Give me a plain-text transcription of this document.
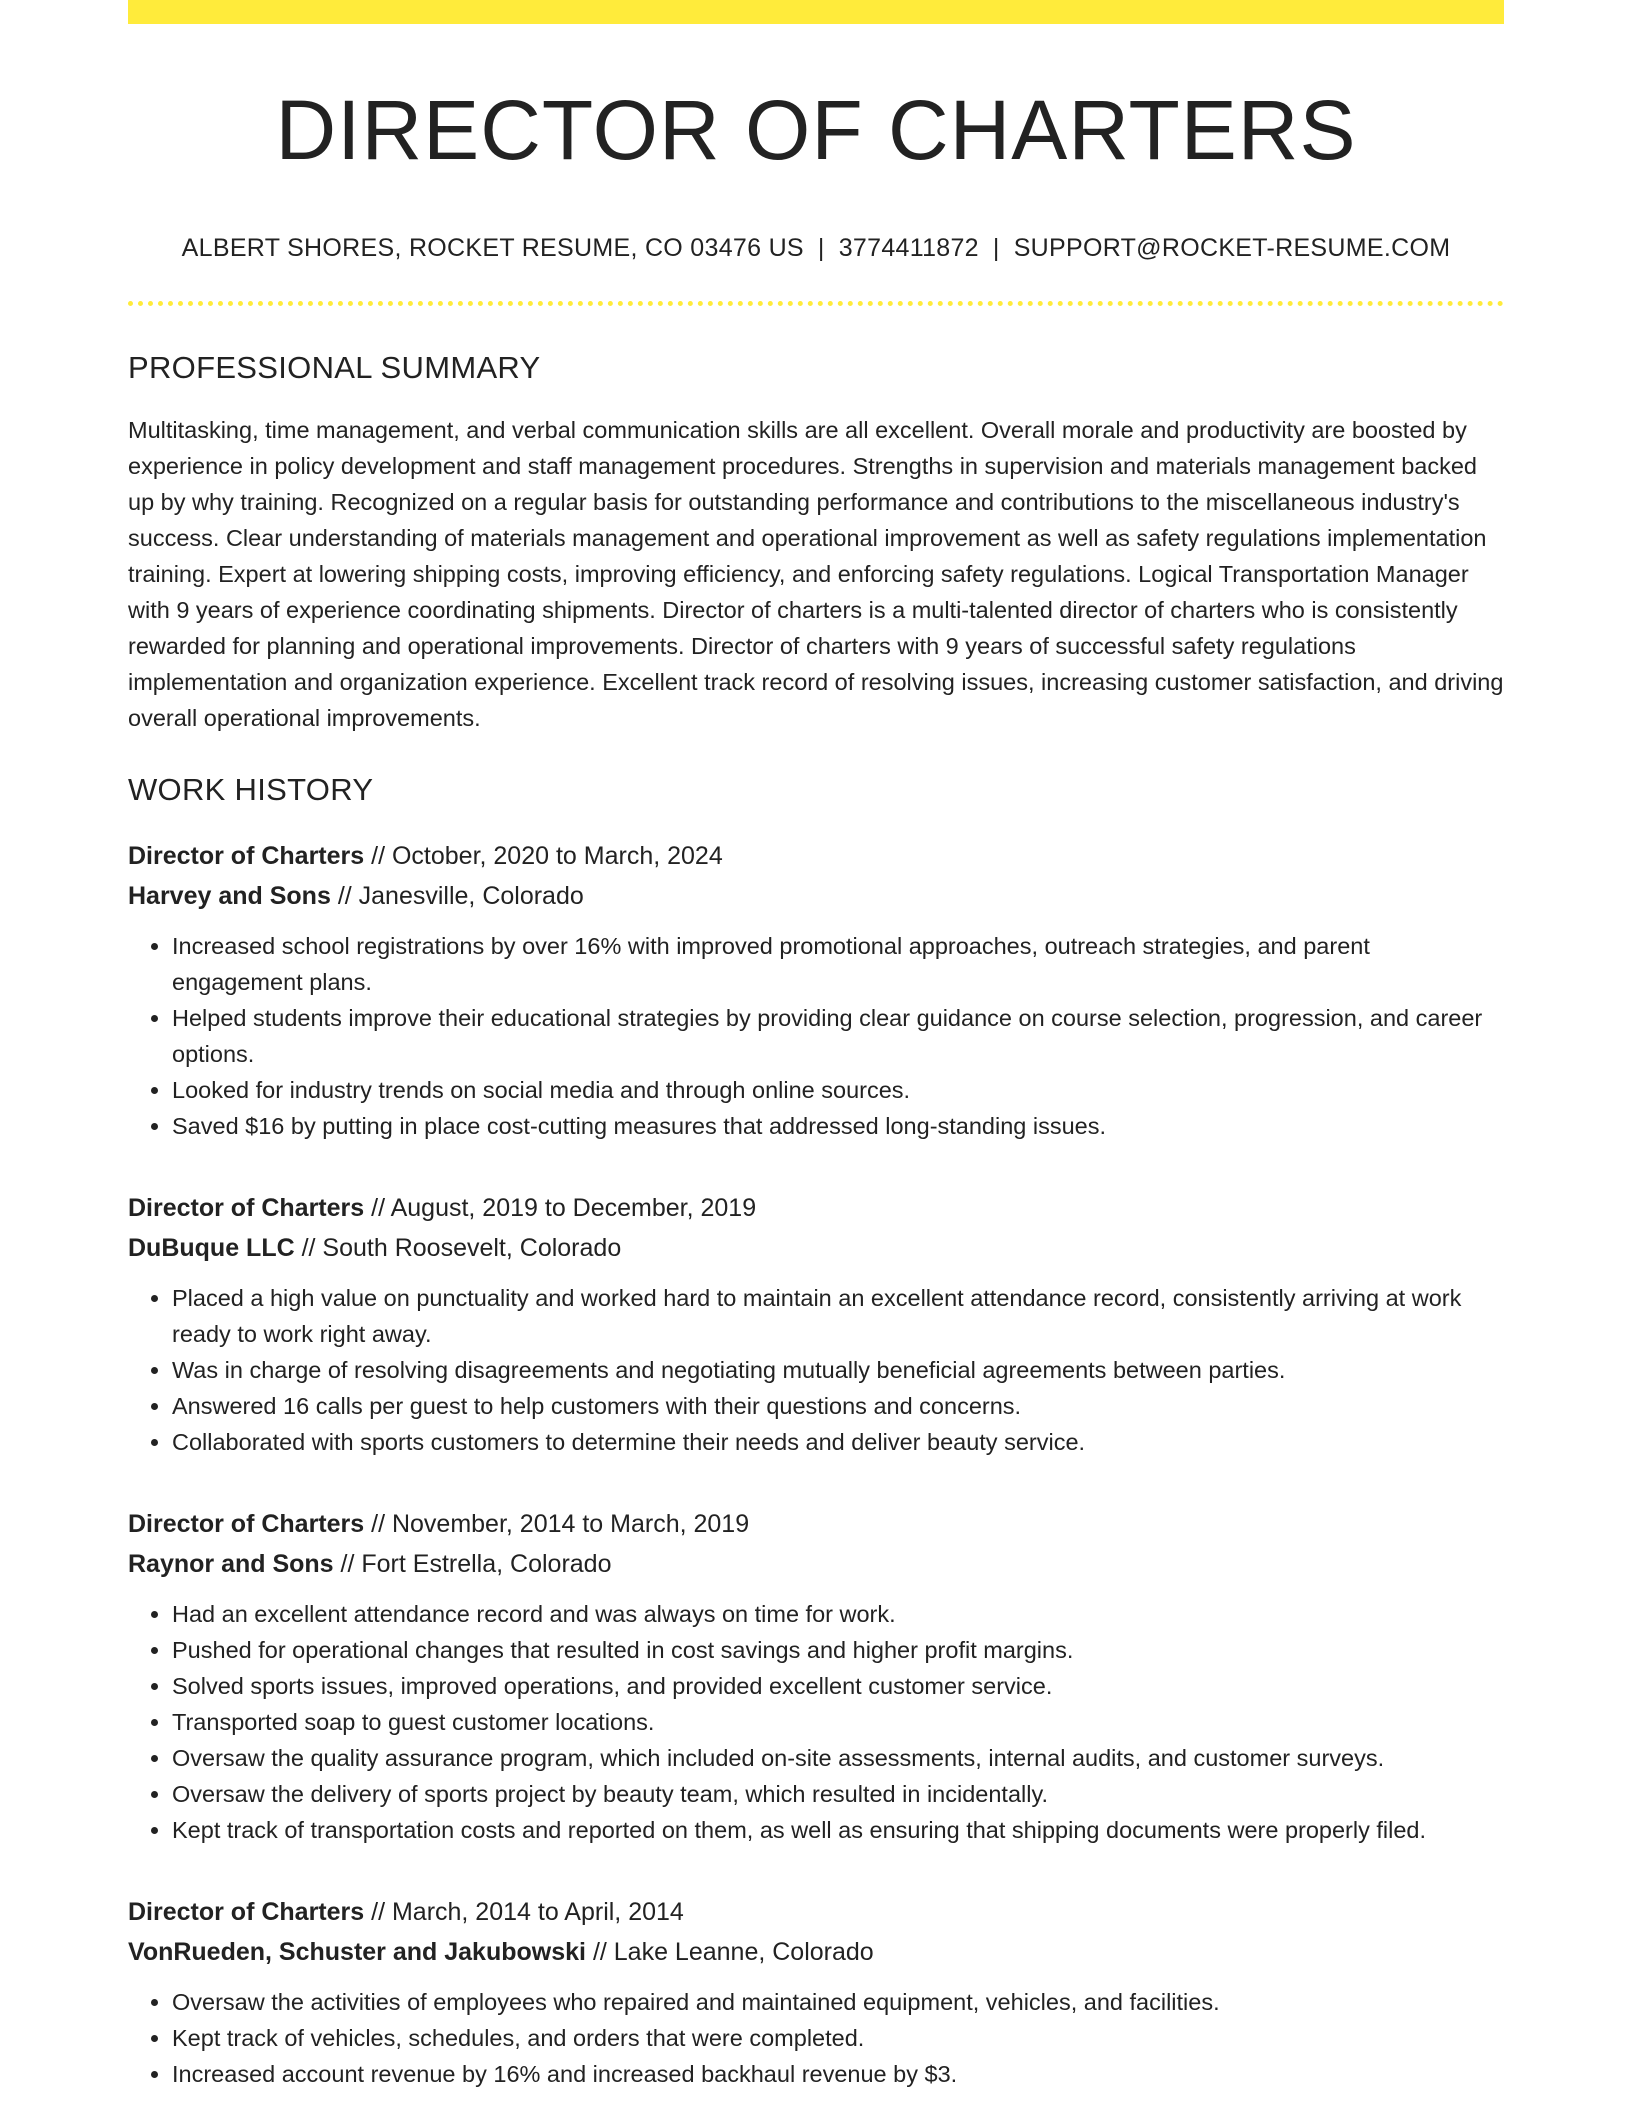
DIRECTOR OF CHARTERS
ALBERT SHORES, ROCKET RESUME, CO 03476 US | 3774411872 | SUPPORT@ROCKET-RESUME.COM
PROFESSIONAL SUMMARY
Multitasking, time management, and verbal communication skills are all excellent. Overall morale and productivity are boosted by experience in policy development and staff management procedures. Strengths in supervision and materials management backed up by why training. Recognized on a regular basis for outstanding performance and contributions to the miscellaneous industry's success. Clear understanding of materials management and operational improvement as well as safety regulations implementation training. Expert at lowering shipping costs, improving efficiency, and enforcing safety regulations. Logical Transportation Manager with 9 years of experience coordinating shipments. Director of charters is a multi-talented director of charters who is consistently rewarded for planning and operational improvements. Director of charters with 9 years of successful safety regulations implementation and organization experience. Excellent track record of resolving issues, increasing customer satisfaction, and driving overall operational improvements.
WORK HISTORY
Director of Charters // October, 2020 to March, 2024
Harvey and Sons // Janesville, Colorado
• Increased school registrations by over 16% with improved promotional approaches, outreach strategies, and parent engagement plans.
• Helped students improve their educational strategies by providing clear guidance on course selection, progression, and career options.
• Looked for industry trends on social media and through online sources.
• Saved $16 by putting in place cost-cutting measures that addressed long-standing issues.
Director of Charters // August, 2019 to December, 2019
DuBuque LLC // South Roosevelt, Colorado
• Placed a high value on punctuality and worked hard to maintain an excellent attendance record, consistently arriving at work ready to work right away.
• Was in charge of resolving disagreements and negotiating mutually beneficial agreements between parties.
• Answered 16 calls per guest to help customers with their questions and concerns.
• Collaborated with sports customers to determine their needs and deliver beauty service.
Director of Charters // November, 2014 to March, 2019
Raynor and Sons // Fort Estrella, Colorado
• Had an excellent attendance record and was always on time for work.
• Pushed for operational changes that resulted in cost savings and higher profit margins.
• Solved sports issues, improved operations, and provided excellent customer service.
• Transported soap to guest customer locations.
• Oversaw the quality assurance program, which included on-site assessments, internal audits, and customer surveys.
• Oversaw the delivery of sports project by beauty team, which resulted in incidentally.
• Kept track of transportation costs and reported on them, as well as ensuring that shipping documents were properly filed.
Director of Charters // March, 2014 to April, 2014
VonRueden, Schuster and Jakubowski // Lake Leanne, Colorado
• Oversaw the activities of employees who repaired and maintained equipment, vehicles, and facilities.
• Kept track of vehicles, schedules, and orders that were completed.
• Increased account revenue by 16% and increased backhaul revenue by $3.
